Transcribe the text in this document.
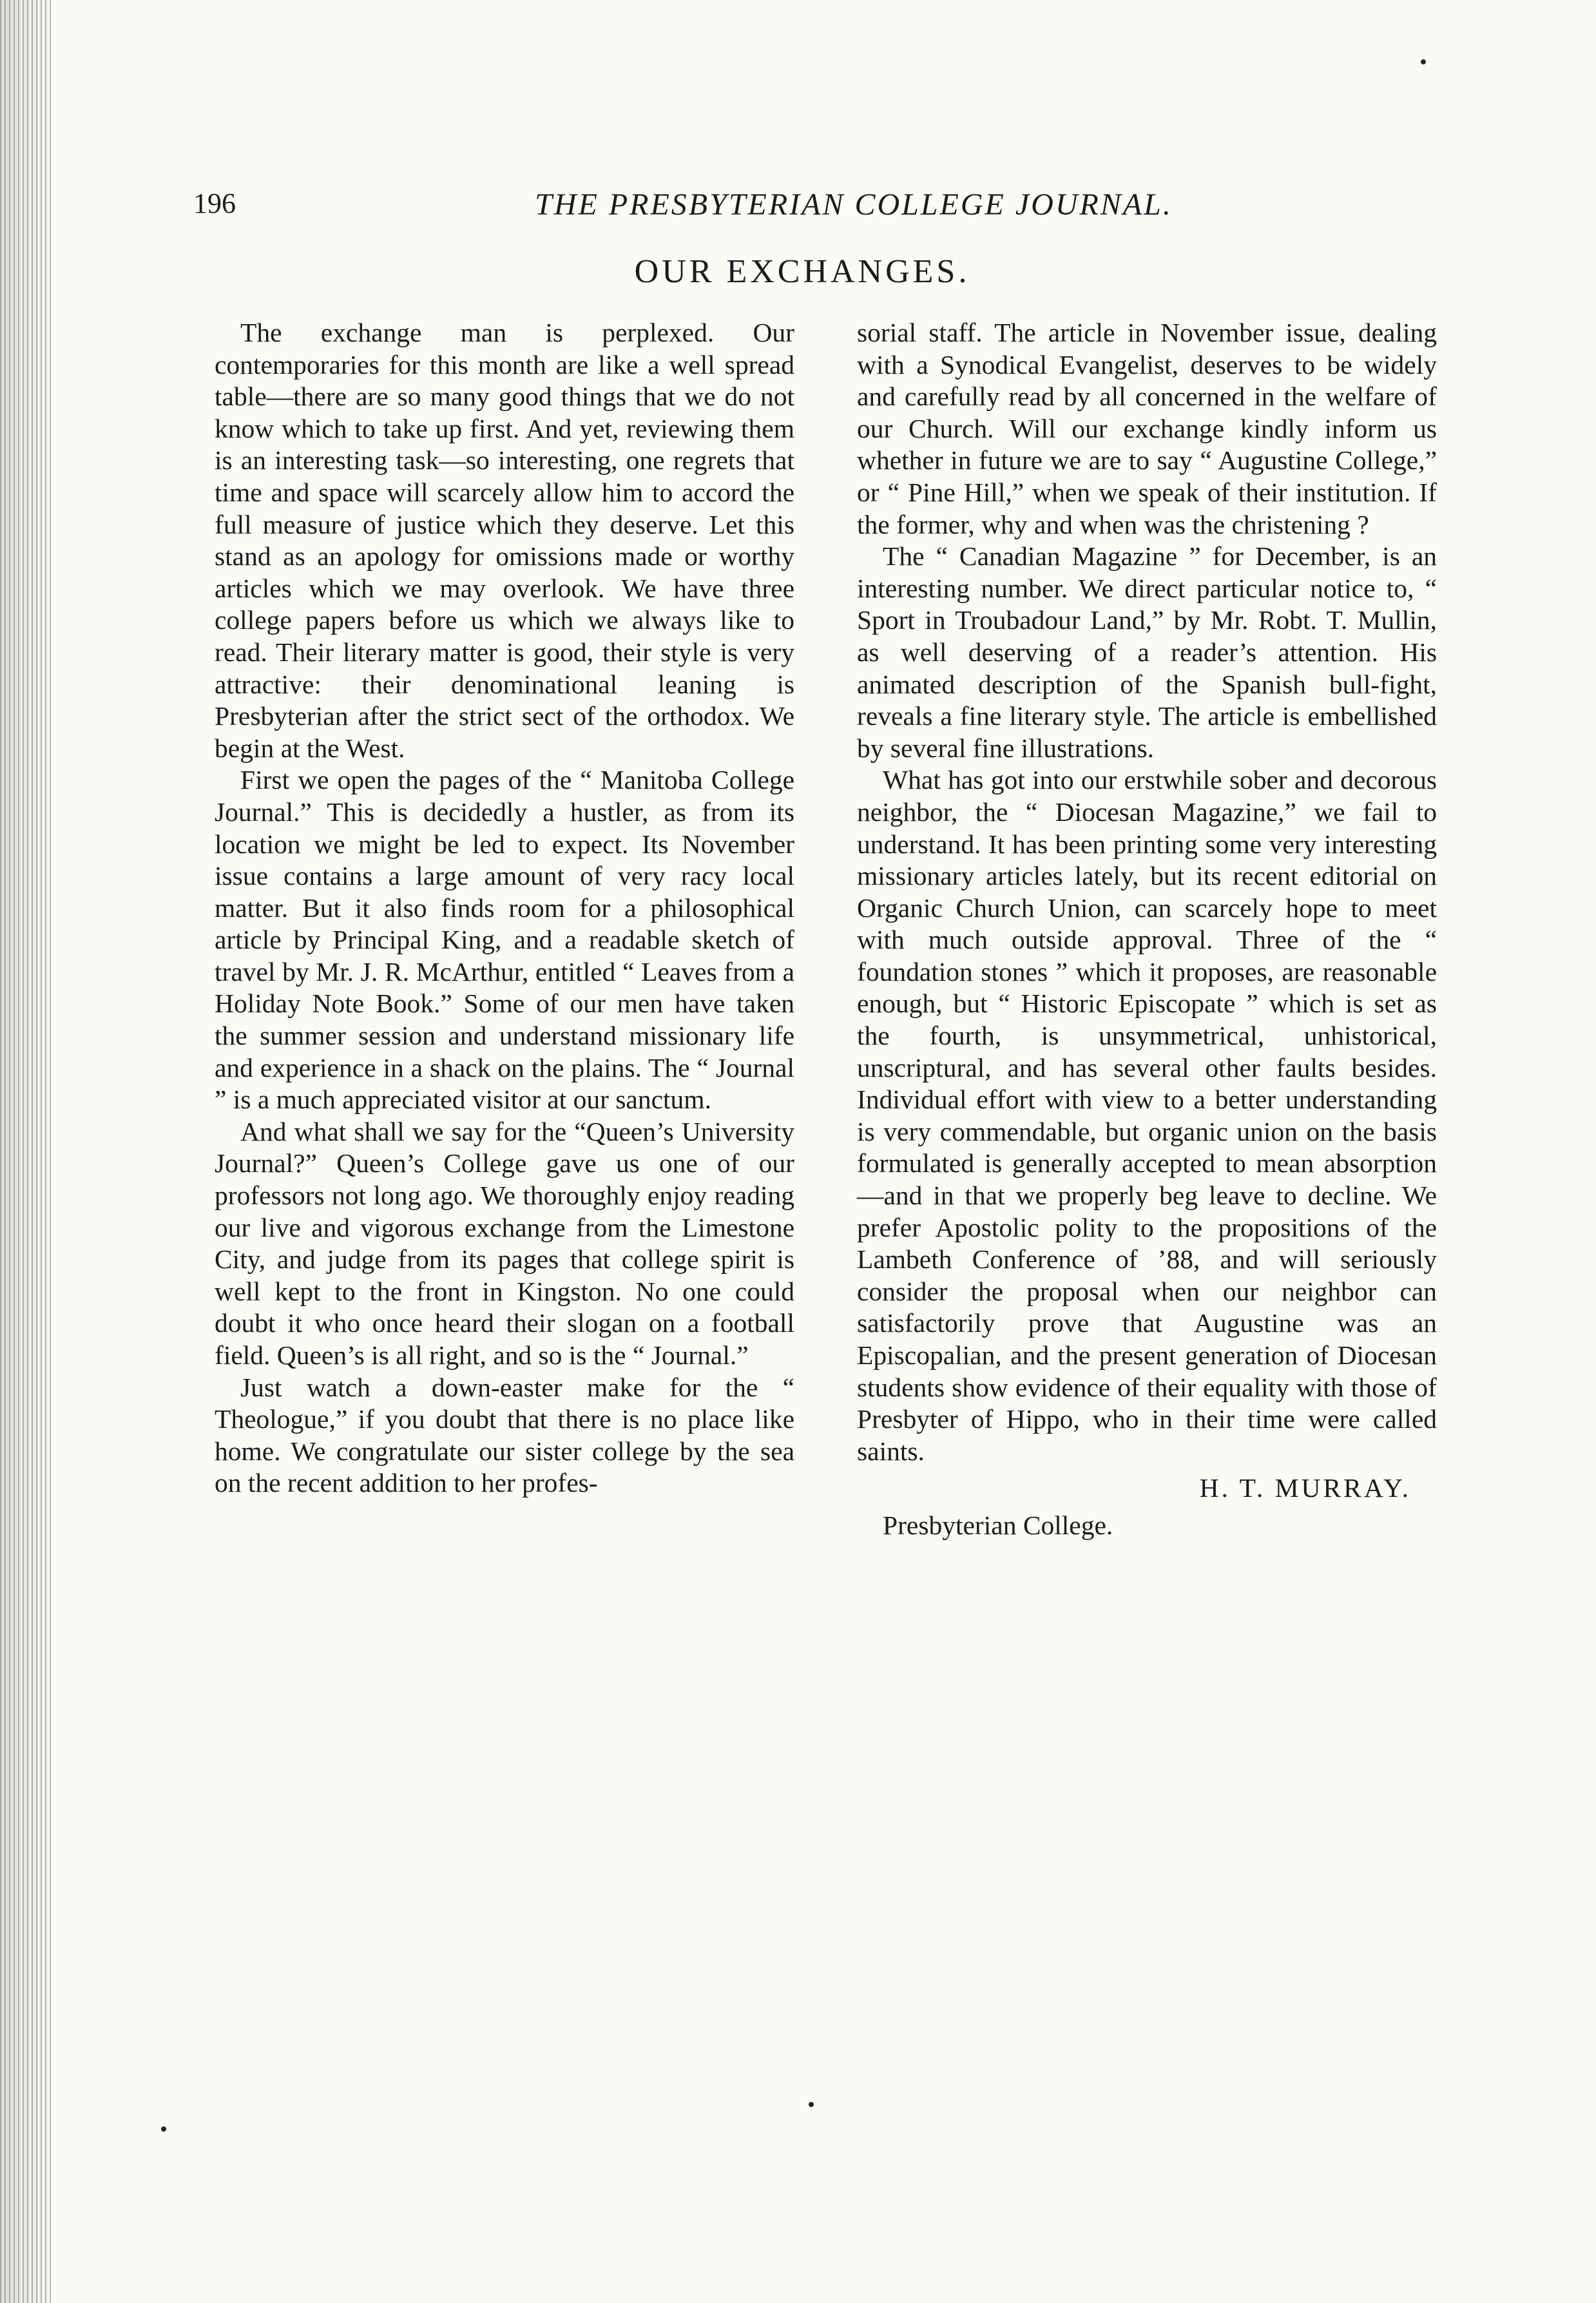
196	THE PRESBYTERIAN COLLEGE JOURNAL.
OUR EXCHANGES.

The exchange man is perplexed. Our contemporaries for this month are like a well spread table—there are so many good things that we do not know which to take up first. And yet, reviewing them is an interesting task—so interesting, one regrets that time and space will scarcely allow him to accord the full measure of justice which they deserve. Let this stand as an apology for omissions made or worthy articles which we may overlook. We have three college papers before us which we always like to read. Their literary matter is good, their style is very attractive: their denominational leaning is Presbyterian after the strict sect of the orthodox. We begin at the West.

First we open the pages of the “ Manitoba College Journal.” This is decidedly a hustler, as from its location we might be led to expect. Its November issue contains a large amount of very racy local matter. But it also finds room for a philosophical article by Principal King, and a readable sketch of travel by Mr. J. R. McArthur, entitled “ Leaves from a Holiday Note Book.” Some of our men have taken the summer session and understand missionary life and experience in a shack on the plains. The “ Journal ” is a much appreciated visitor at our sanctum.

And what shall we say for the “Queen’s University Journal?” Queen’s College gave us one of our professors not long ago. We thoroughly enjoy reading our live and vigorous exchange from the Limestone City, and judge from its pages that college spirit is well kept to the front in Kingston. No one could doubt it who once heard their slogan on a football field. Queen’s is all right, and so is the “ Journal.”

Just watch a down-easter make for the “ Theologue,” if you doubt that there is no place like home. We congratulate our sister college by the sea on the recent addition to her profes-

sorial staff. The article in November issue, dealing with a Synodical Evangelist, deserves to be widely and carefully read by all concerned in the welfare of our Church. Will our exchange kindly inform us whether in future we are to say “ Augustine College,” or “ Pine Hill,” when we speak of their institution. If the former, why and when was the christening ?

The “ Canadian Magazine ” for December, is an interesting number. We direct particular notice to, “ Sport in Troubadour Land,” by Mr. Robt. T. Mullin, as well deserving of a reader’s attention. His animated description of the Spanish bull-fight, reveals a fine literary style. The article is embellished by several fine illustrations.

What has got into our erstwhile sober and decorous neighbor, the “ Diocesan Magazine,” we fail to understand. It has been printing some very interesting missionary articles lately, but its recent editorial on Organic Church Union, can scarcely hope to meet with much outside approval. Three of the “ foundation stones ” which it proposes, are reasonable enough, but “ Historic Episcopate ” which is set as the fourth, is unsymmetrical, unhistorical, unscriptural, and has several other faults besides. Individual effort with view to a better understanding is very commendable, but organic union on the basis formulated is generally accepted to mean absorption —and in that we properly beg leave to decline. We prefer Apostolic polity to the propositions of the Lambeth Conference of ’88, and will seriously consider the proposal when our neighbor can satisfactorily prove that Augustine was an Episcopalian, and the present generation of Diocesan students show evidence of their equality with those of Presbyter of Hippo, who in their time were called saints.

H. T. MURRAY.
Presbyterian College.
